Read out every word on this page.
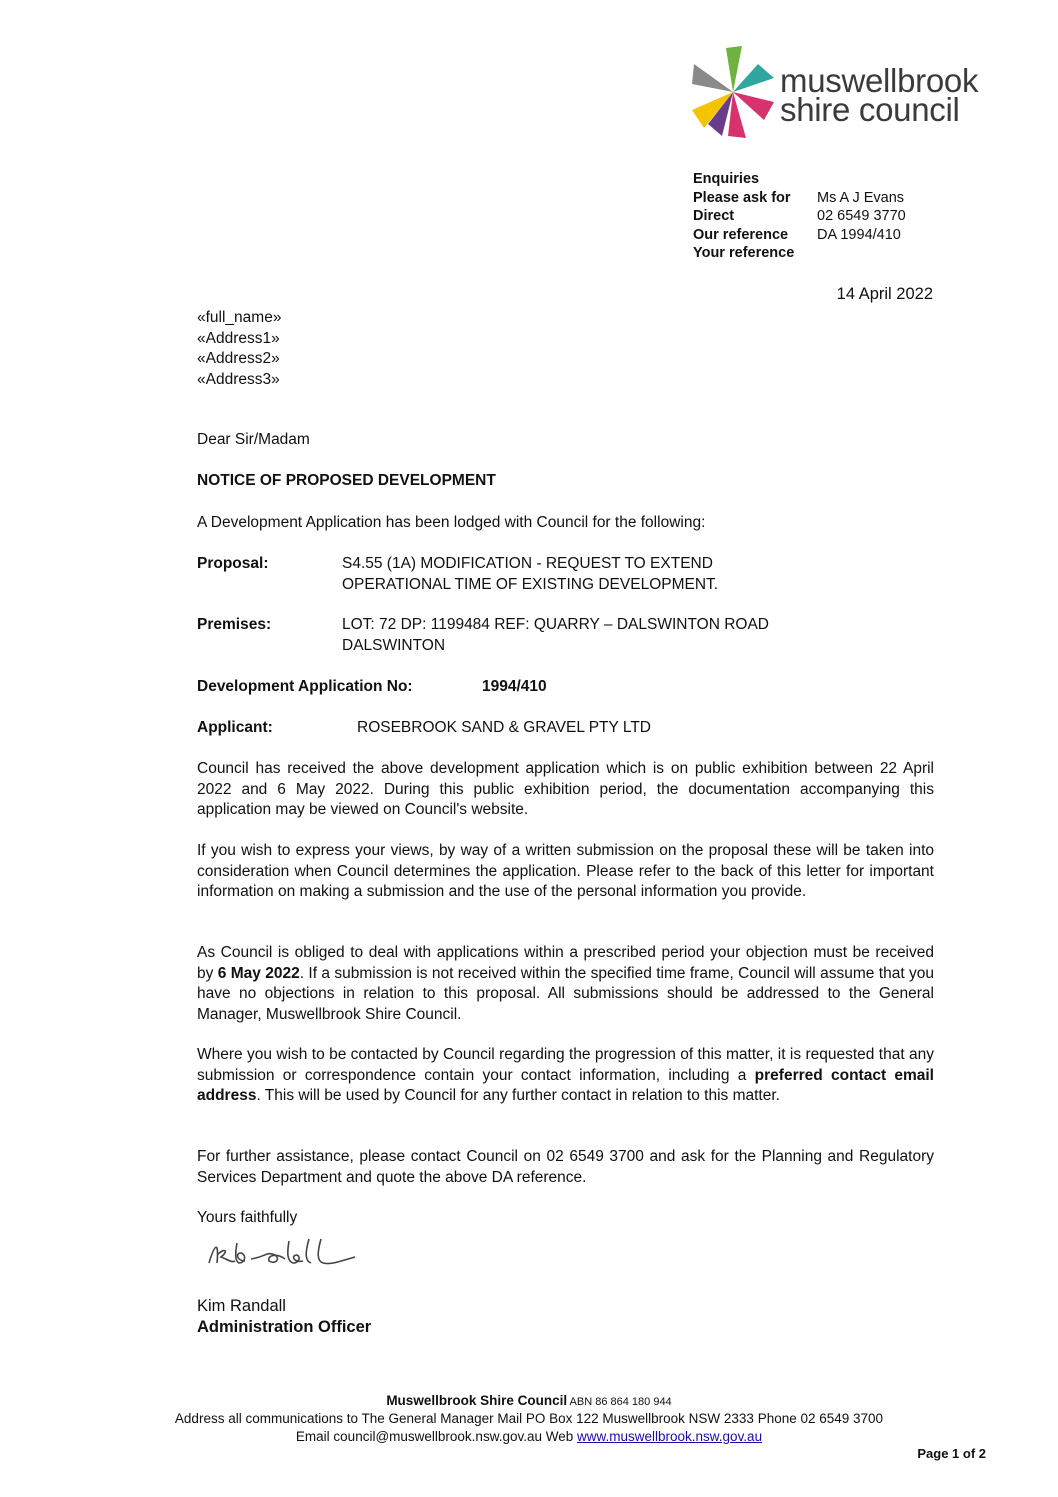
muswellbrook
shire council
Enquiries
Please ask for	Ms A J Evans
Direct	02 6549 3770
Our reference	DA 1994/410
Your reference
14 April 2022
«full_name»
«Address1»
«Address2»
«Address3»
Dear Sir/Madam
NOTICE OF PROPOSED DEVELOPMENT
A Development Application has been lodged with Council for the following:
Proposal:	S4.55 (1A) MODIFICATION - REQUEST TO EXTEND
OPERATIONAL TIME OF EXISTING DEVELOPMENT.
Premises:	LOT: 72 DP: 1199484 REF: QUARRY – DALSWINTON ROAD
DALSWINTON
Development Application No:	1994/410
Applicant:	ROSEBROOK SAND & GRAVEL PTY LTD
Council has received the above development application which is on public exhibition between 22 April 2022 and 6 May 2022. During this public exhibition period, the documentation accompanying this application may be viewed on Council's website.
If you wish to express your views, by way of a written submission on the proposal these will be taken into consideration when Council determines the application. Please refer to the back of this letter for important information on making a submission and the use of the personal information you provide.
As Council is obliged to deal with applications within a prescribed period your objection must be received by 6 May 2022. If a submission is not received within the specified time frame, Council will assume that you have no objections in relation to this proposal. All submissions should be addressed to the General Manager, Muswellbrook Shire Council.
Where you wish to be contacted by Council regarding the progression of this matter, it is requested that any submission or correspondence contain your contact information, including a preferred contact email address. This will be used by Council for any further contact in relation to this matter.
For further assistance, please contact Council on 02 6549 3700 and ask for the Planning and Regulatory Services Department and quote the above DA reference.
Yours faithfully
Kim Randall
Administration Officer
Muswellbrook Shire Council ABN 86 864 180 944
Address all communications to The General Manager Mail PO Box 122 Muswellbrook NSW 2333 Phone 02 6549 3700
Email council@muswellbrook.nsw.gov.au Web www.muswellbrook.nsw.gov.au
Page 1 of 2
